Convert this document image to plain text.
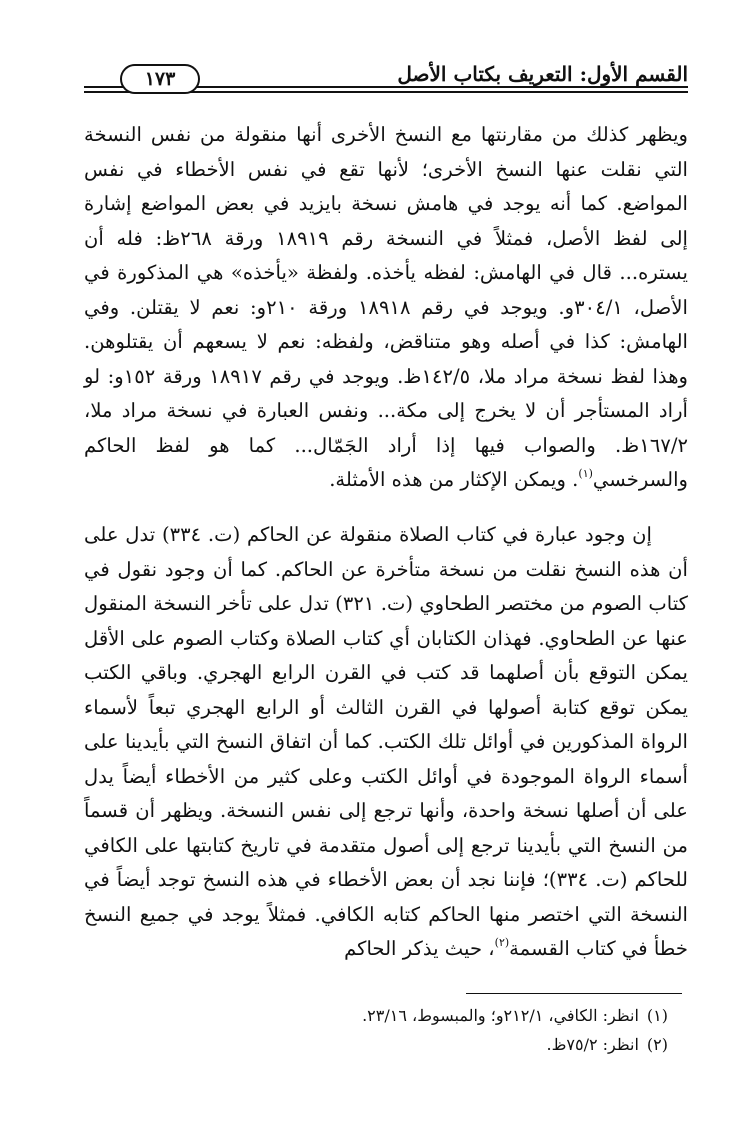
القسم الأول: التعريف بكتاب الأصل
١٧٣

ويظهر كذلك من مقارنتها مع النسخ الأخرى أنها منقولة من نفس النسخة التي نقلت عنها النسخ الأخرى؛ لأنها تقع في نفس الأخطاء في نفس المواضع. كما أنه يوجد في هامش نسخة بايزيد في بعض المواضع إشارة إلى لفظ الأصل، فمثلاً في النسخة رقم ١٨٩١٩ ورقة ٢٦٨ظ: فله أن يستره... قال في الهامش: لفظه يأخذه. ولفظة «يأخذه» هي المذكورة في الأصل، ٣٠٤/١و. ويوجد في رقم ١٨٩١٨ ورقة ٢١٠و: نعم لا يقتلن. وفي الهامش: كذا في أصله وهو متناقض، ولفظه: نعم لا يسعهم أن يقتلوهن. وهذا لفظ نسخة مراد ملا، ١٤٢/٥ظ. ويوجد في رقم ١٨٩١٧ ورقة ١٥٢و: لو أراد المستأجر أن لا يخرج إلى مكة... ونفس العبارة في نسخة مراد ملا، ١٦٧/٢ظ. والصواب فيها إذا أراد الجَمّال... كما هو لفظ الحاكم والسرخسي$^{(١)}$. ويمكن الإكثار من هذه الأمثلة.

إن وجود عبارة في كتاب الصلاة منقولة عن الحاكم (ت. ٣٣٤) تدل على أن هذه النسخ نقلت من نسخة متأخرة عن الحاكم. كما أن وجود نقول في كتاب الصوم من مختصر الطحاوي (ت. ٣٢١) تدل على تأخر النسخة المنقول عنها عن الطحاوي. فهذان الكتابان أي كتاب الصلاة وكتاب الصوم على الأقل يمكن التوقع بأن أصلهما قد كتب في القرن الرابع الهجري. وباقي الكتب يمكن توقع كتابة أصولها في القرن الثالث أو الرابع الهجري تبعاً لأسماء الرواة المذكورين في أوائل تلك الكتب. كما أن اتفاق النسخ التي بأيدينا على أسماء الرواة الموجودة في أوائل الكتب وعلى كثير من الأخطاء أيضاً يدل على أن أصلها نسخة واحدة، وأنها ترجع إلى نفس النسخة. ويظهر أن قسماً من النسخ التي بأيدينا ترجع إلى أصول متقدمة في تاريخ كتابتها على الكافي للحاكم (ت. ٣٣٤)؛ فإننا نجد أن بعض الأخطاء في هذه النسخ توجد أيضاً في النسخة التي اختصر منها الحاكم كتابه الكافي. فمثلاً يوجد في جميع النسخ خطأ في كتاب القسمة$^{(٢)}$، حيث يذكر الحاكم

(١)انظر: الكافي، ٢١٢/١و؛ والمبسوط، ٢٣/١٦.
(٢)انظر: ٧٥/٢ظ.
